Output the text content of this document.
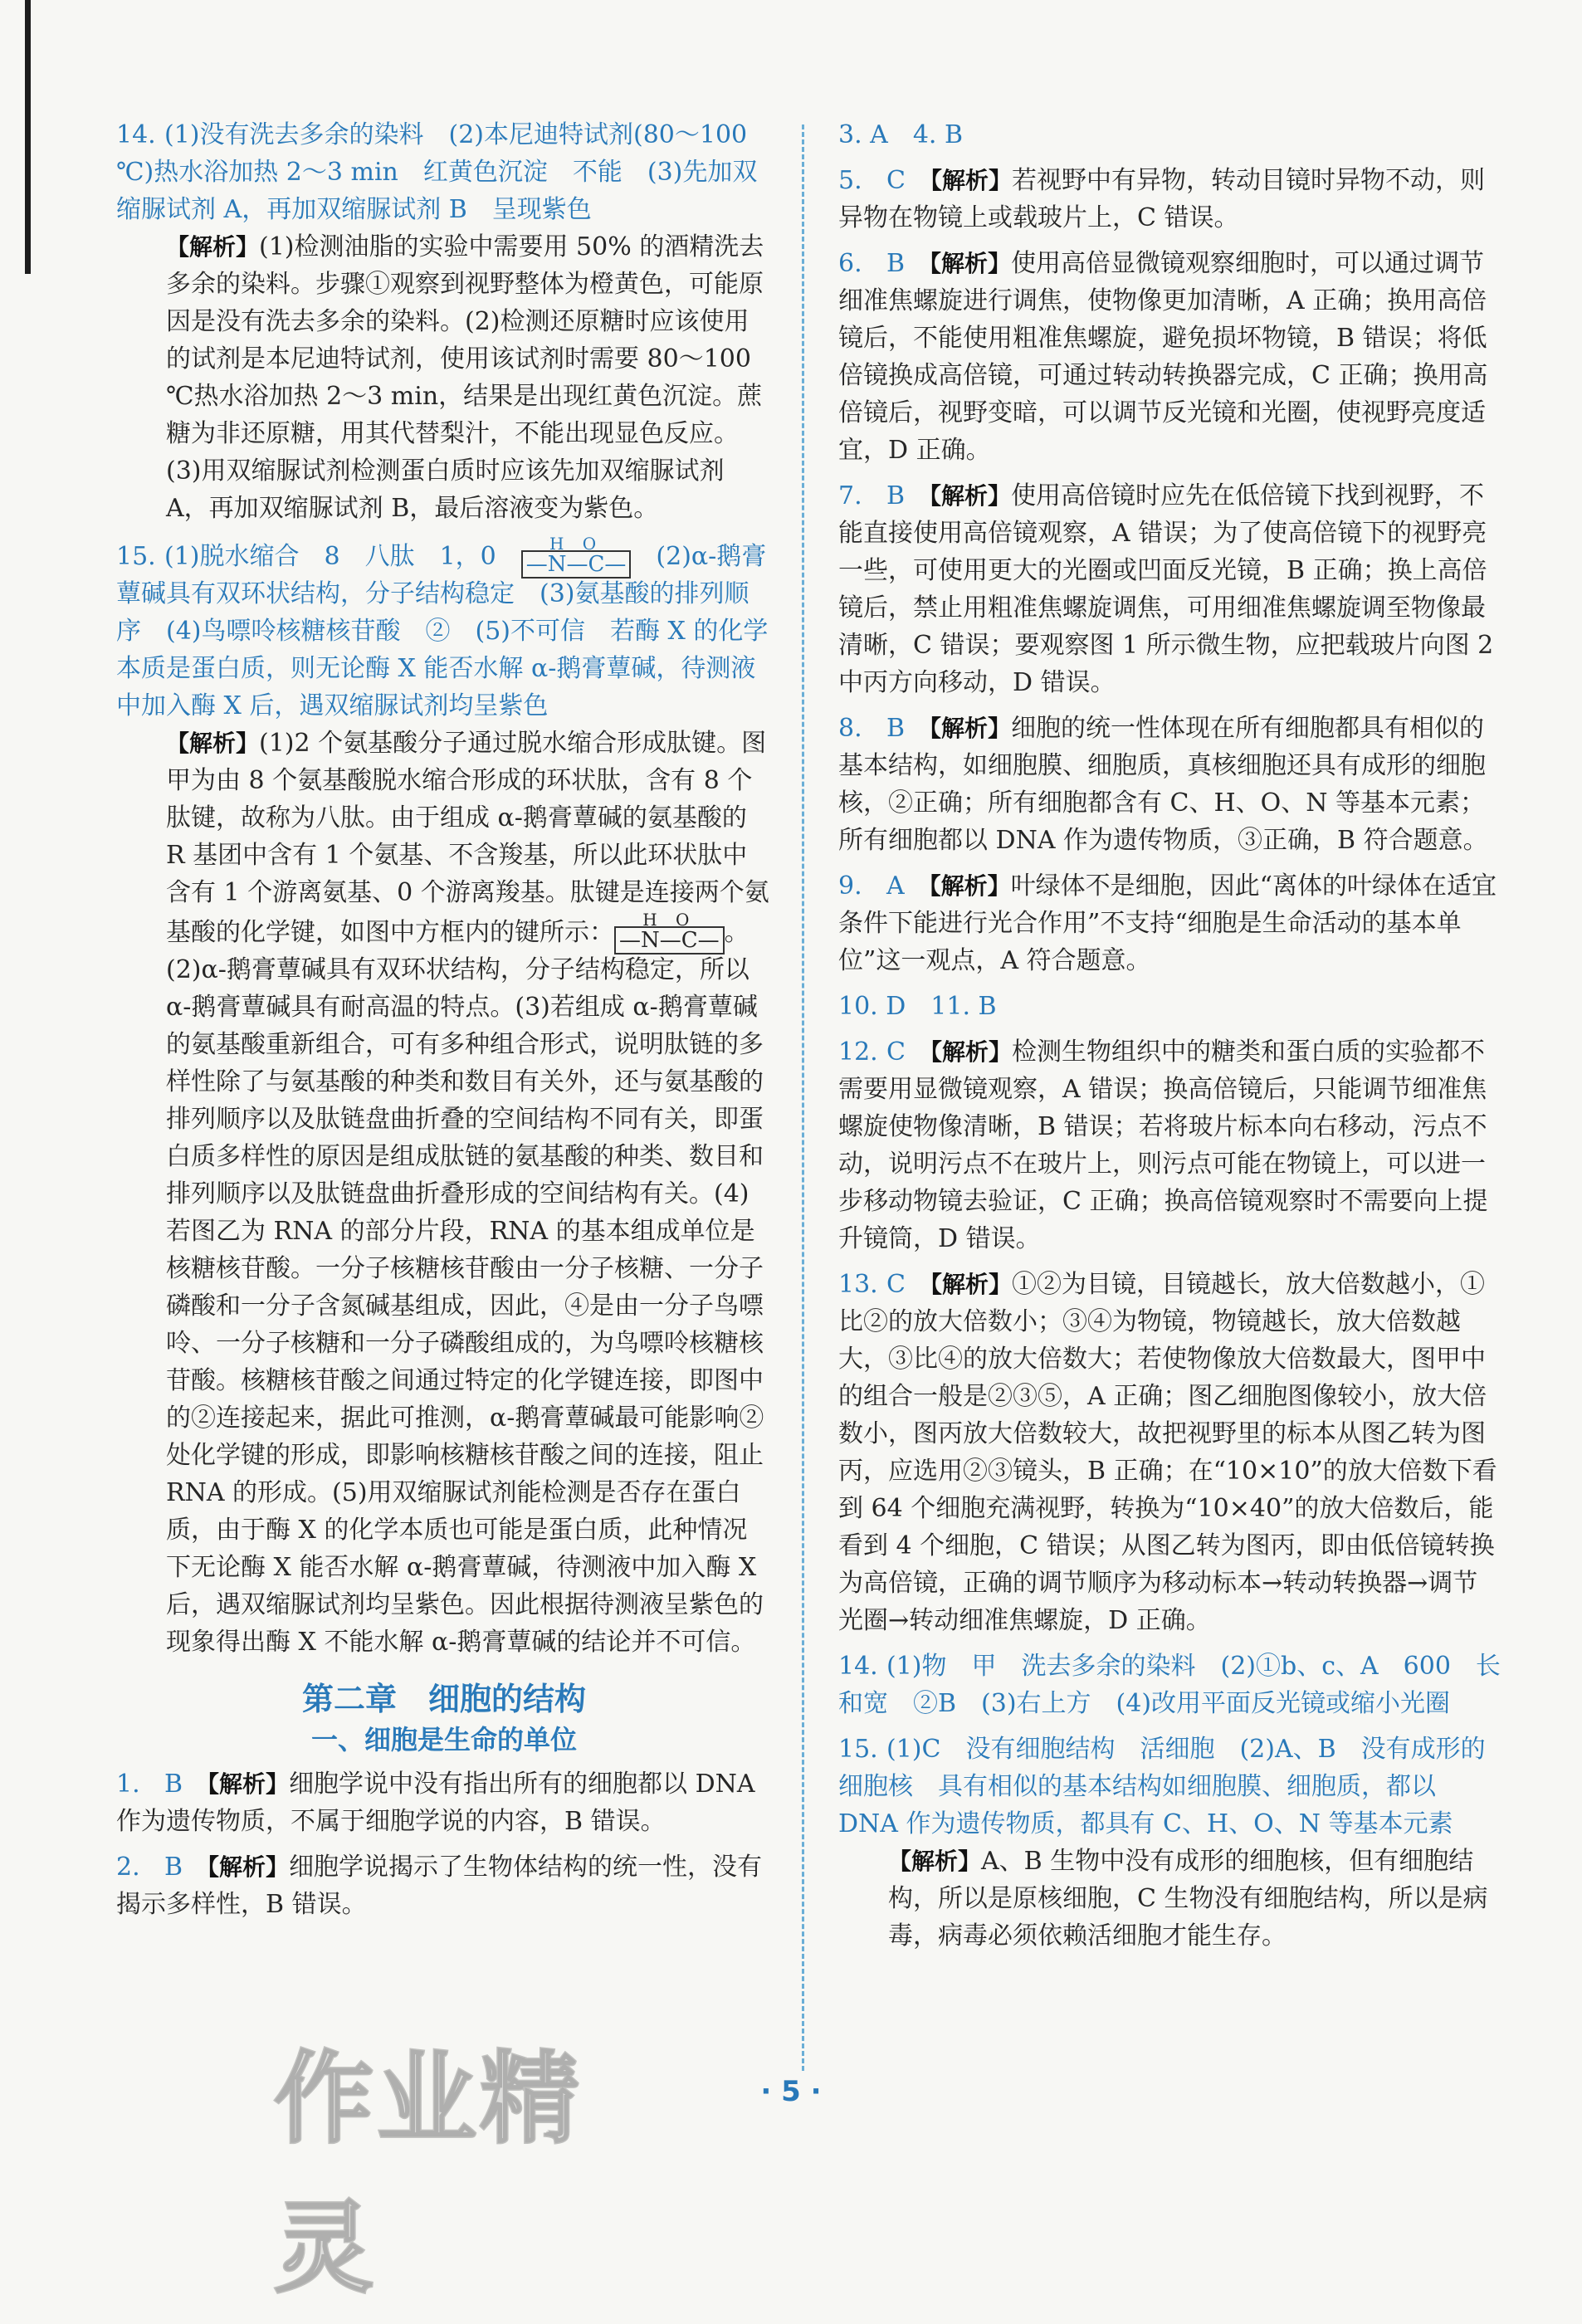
14. (1)没有洗去多余的染料　(2)本尼迪特试剂(80～100 ℃)热水浴加热 2～3 min　红黄色沉淀　不能　(3)先加双缩脲试剂 A，再加双缩脲试剂 B　呈现紫色
【解析】(1)检测油脂的实验中需要用 50% 的酒精洗去多余的染料。步骤①观察到视野整体为橙黄色，可能原因是没有洗去多余的染料。(2)检测还原糖时应该使用的试剂是本尼迪特试剂，使用该试剂时需要 80～100 ℃热水浴加热 2～3 min，结果是出现红黄色沉淀。蔗糖为非还原糖，用其代替梨汁，不能出现显色反应。(3)用双缩脲试剂检测蛋白质时应该先加双缩脲试剂 A，再加双缩脲试剂 B，最后溶液变为紫色。
15. (1)脱水缩合　8　八肽　1，0　	H O
—N—C—　(2)α-鹅膏蕈碱具有双环状结构，分子结构稳定　(3)氨基酸的排列顺序　(4)鸟嘌呤核糖核苷酸　②　(5)不可信　若酶 X 的化学本质是蛋白质，则无论酶 X 能否水解 α-鹅膏蕈碱，待测液中加入酶 X 后，遇双缩脲试剂均呈紫色
【解析】(1)2 个氨基酸分子通过脱水缩合形成肽键。图甲为由 8 个氨基酸脱水缩合形成的环状肽，含有 8 个肽键，故称为八肽。由于组成 α-鹅膏蕈碱的氨基酸的 R 基团中含有 1 个氨基、不含羧基，所以此环状肽中含有 1 个游离氨基、0 个游离羧基。肽键是连接两个氨基酸的化学键，如图中方框内的键所示：	H O
—N—C— 。(2)α-鹅膏蕈碱具有双环状结构，分子结构稳定，所以 α-鹅膏蕈碱具有耐高温的特点。(3)若组成 α-鹅膏蕈碱的氨基酸重新组合，可有多种组合形式，说明肽链的多样性除了与氨基酸的种类和数目有关外，还与氨基酸的排列顺序以及肽链盘曲折叠的空间结构不同有关，即蛋白质多样性的原因是组成肽链的氨基酸的种类、数目和排列顺序以及肽链盘曲折叠形成的空间结构有关。(4)若图乙为 RNA 的部分片段，RNA 的基本组成单位是核糖核苷酸。一分子核糖核苷酸由一分子核糖、一分子磷酸和一分子含氮碱基组成，因此，④是由一分子鸟嘌呤、一分子核糖和一分子磷酸组成的，为鸟嘌呤核糖核苷酸。核糖核苷酸之间通过特定的化学键连接，即图中的②连接起来，据此可推测，α-鹅膏蕈碱最可能影响②处化学键的形成，即影响核糖核苷酸之间的连接，阻止 RNA 的形成。(5)用双缩脲试剂能检测是否存在蛋白质，由于酶 X 的化学本质也可能是蛋白质，此种情况下无论酶 X 能否水解 α-鹅膏蕈碱，待测液中加入酶 X 后，遇双缩脲试剂均呈紫色。因此根据待测液呈紫色的现象得出酶 X 不能水解 α-鹅膏蕈碱的结论并不可信。
第二章　细胞的结构
一、细胞是生命的单位
1. B　 【解析】细胞学说中没有指出所有的细胞都以 DNA 作为遗传物质，不属于细胞学说的内容，B 错误。
2. B　 【解析】细胞学说揭示了生物体结构的统一性，没有揭示多样性，B 错误。
3. A　4. B
5. C　 【解析】若视野中有异物，转动目镜时异物不动，则异物在物镜上或载玻片上，C 错误。
6. B　 【解析】使用高倍显微镜观察细胞时，可以通过调节细准焦螺旋进行调焦，使物像更加清晰，A 正确；换用高倍镜后，不能使用粗准焦螺旋，避免损坏物镜，B 错误；将低倍镜换成高倍镜，可通过转动转换器完成，C 正确；换用高倍镜后，视野变暗，可以调节反光镜和光圈，使视野亮度适宜，D 正确。
7. B　 【解析】使用高倍镜时应先在低倍镜下找到视野，不能直接使用高倍镜观察，A 错误；为了使高倍镜下的视野亮一些，可使用更大的光圈或凹面反光镜，B 正确；换上高倍镜后，禁止用粗准焦螺旋调焦，可用细准焦螺旋调至物像最清晰，C 错误；要观察图 1 所示微生物，应把载玻片向图 2 中丙方向移动，D 错误。
8. B　 【解析】细胞的统一性体现在所有细胞都具有相似的基本结构，如细胞膜、细胞质，真核细胞还具有成形的细胞核，②正确；所有细胞都含有 C、H、O、N 等基本元素；所有细胞都以 DNA 作为遗传物质，③正确，B 符合题意。
9. A　 【解析】叶绿体不是细胞，因此“离体的叶绿体在适宜条件下能进行光合作用”不支持“细胞是生命活动的基本单位”这一观点，A 符合题意。
10. D　11. B
12. C　 【解析】检测生物组织中的糖类和蛋白质的实验都不需要用显微镜观察，A 错误；换高倍镜后，只能调节细准焦螺旋使物像清晰，B 错误；若将玻片标本向右移动，污点不动，说明污点不在玻片上，则污点可能在物镜上，可以进一步移动物镜去验证，C 正确；换高倍镜观察时不需要向上提升镜筒，D 错误。
13. C　 【解析】①②为目镜，目镜越长，放大倍数越小，①比②的放大倍数小；③④为物镜，物镜越长，放大倍数越大，③比④的放大倍数大；若使物像放大倍数最大，图甲中的组合一般是②③⑤，A 正确；图乙细胞图像较小，放大倍数小，图丙放大倍数较大，故把视野里的标本从图乙转为图丙，应选用②③镜头，B 正确；在“10×10”的放大倍数下看到 64 个细胞充满视野，转换为“10×40”的放大倍数后，能看到 4 个细胞，C 错误；从图乙转为图丙，即由低倍镜转换为高倍镜，正确的调节顺序为移动标本→转动转换器→调节光圈→转动细准焦螺旋，D 正确。
14. (1)物　甲　洗去多余的染料　(2)①b、c、A　600　长和宽　②B　(3)右上方　(4)改用平面反光镜或缩小光圈
15. (1)C　没有细胞结构　活细胞　(2)A、B　没有成形的细胞核　具有相似的基本结构如细胞膜、细胞质，都以 DNA 作为遗传物质，都具有 C、H、O、N 等基本元素
【解析】A、B 生物中没有成形的细胞核，但有细胞结构，所以是原核细胞，C 生物没有细胞结构，所以是病毒，病毒必须依赖活细胞才能生存。
· 5 ·
作业精灵
